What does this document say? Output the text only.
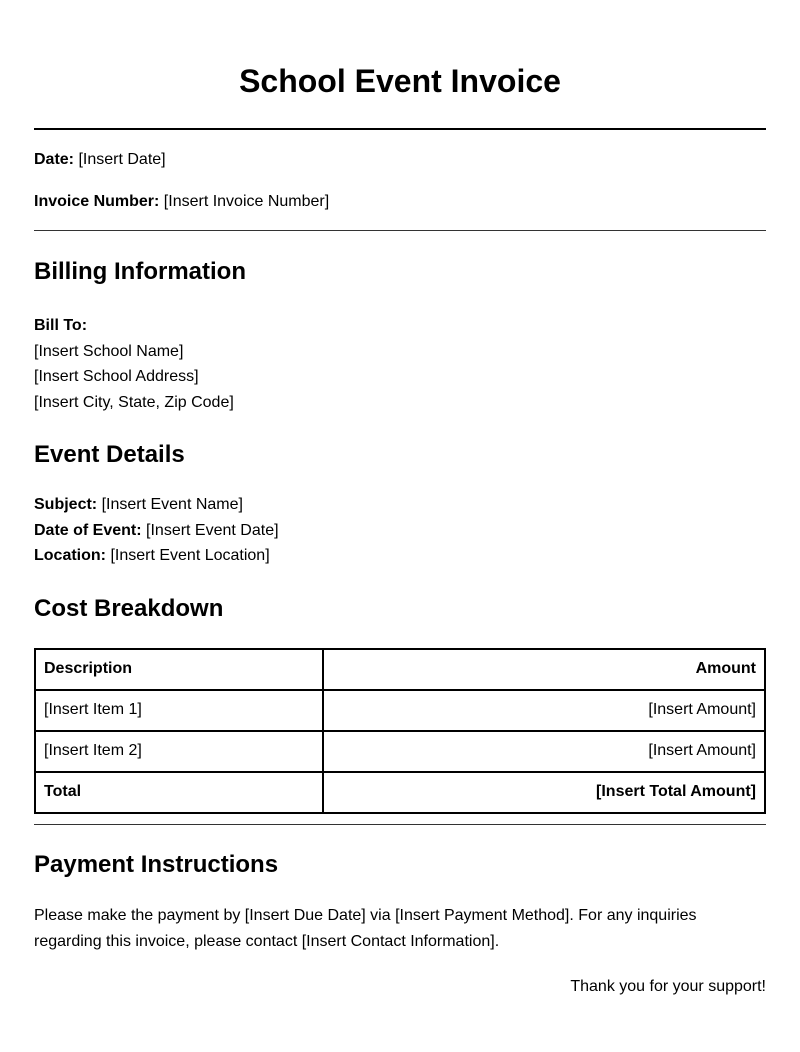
School Event Invoice

Date: [Insert Date]

Invoice Number: [Insert Invoice Number]

Billing Information

Bill To:
[Insert School Name]
[Insert School Address]
[Insert City, State, Zip Code]

Event Details

Subject: [Insert Event Name]
Date of Event: [Insert Event Date]
Location: [Insert Event Location]

Cost Breakdown
Description	Amount
[Insert Item 1]	[Insert Amount]
[Insert Item 2]	[Insert Amount]
Total	[Insert Total Amount]
Payment Instructions

Please make the payment by [Insert Due Date] via [Insert Payment Method]. For any inquiries regarding this invoice, please contact [Insert Contact Information].

Thank you for your support!
